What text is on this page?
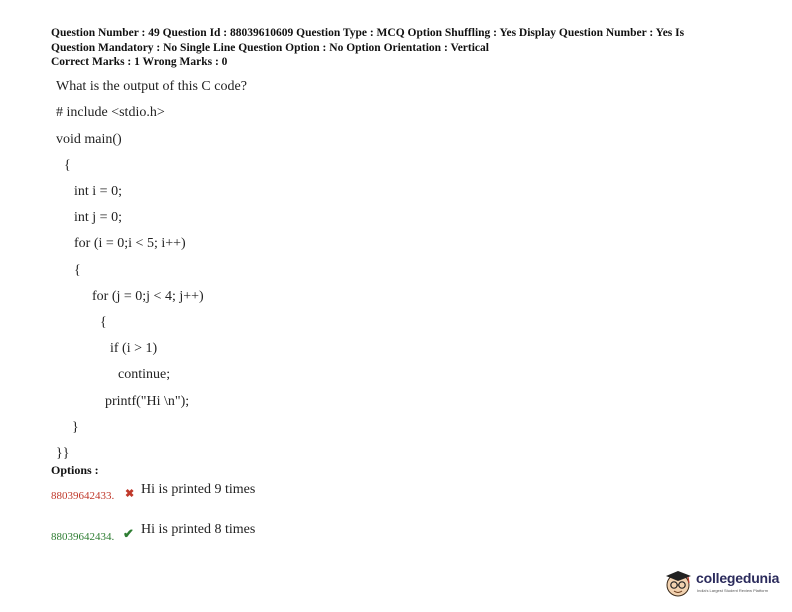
Question Number : 49 Question Id : 88039610609 Question Type : MCQ Option Shuffling : Yes Display Question Number : Yes Is
Question Mandatory : No Single Line Question Option : No Option Orientation : Vertical
Correct Marks : 1 Wrong Marks : 0
What is the output of this C code?
# include <stdio.h>
void main()
{
int i = 0;
int j = 0;
for (i = 0;i < 5; i++)
{
for (j = 0;j < 4; j++)
{
if (i > 1)
continue;
printf("Hi \n");
}
}}
Options :
88039642433. ✖ Hi is printed 9 times
88039642434. ✔ Hi is printed 8 times
collegedunia
India's Largest Student Review Platform
